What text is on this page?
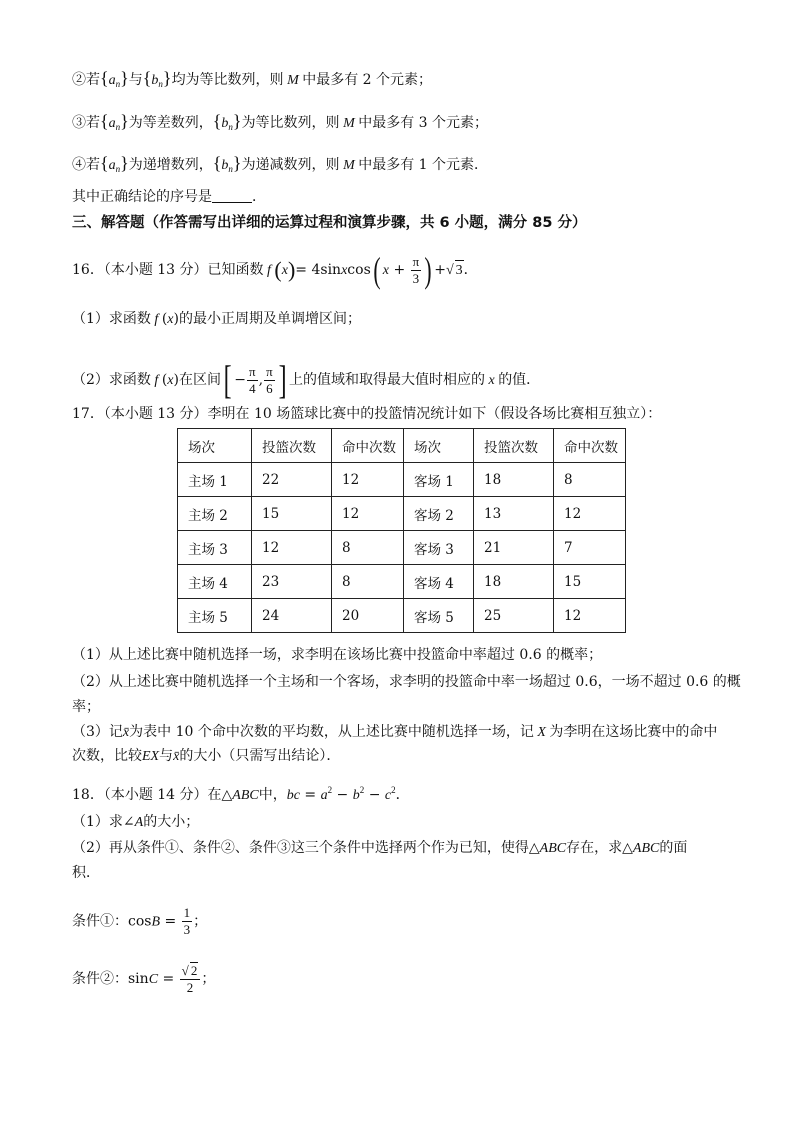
②若$\{a_n\}$与$\{b_n\}$均为等比数列，则 M 中最多有 2 个元素；
③若$\{a_n\}$为等差数列，$\{b_n\}$为等比数列，则 M 中最多有 3 个元素；
④若$\{a_n\}$为递增数列，$\{b_n\}$为递减数列，则 M 中最多有 1 个元素．
其中正确结论的序号是	．
三、解答题（作答需写出详细的运算过程和演算步骤，共 6 小题，满分 85 分）
16．（本小题 13 分）已知函数 f (x)= 4sinxcos( $x + \frac{\pi}{3}$ ) +√ 3．
（1）求函数 f (x)的最小正周期及单调增区间；
（2）求函数 f (x)在区间[ − $\frac{\pi}{4}$ , $\frac{\pi}{6}$ ] 上的值域和取得最大值时相应的 x 的值．
17．（本小题 13 分）李明在 10 场篮球比赛中的投篮情况统计如下（假设各场比赛相互独立）：
场次	投篮次数	命中次数	场次	投篮次数	命中次数
主场 1	22	12	客场 1	18	8
主场 2	15	12	客场 2	13	12
主场 3	12	8	客场 3	21	7
主场 4	23	8	客场 4	18	15
主场 5	24	20	客场 5	25	12
（1）从上述比赛中随机选择一场，求李明在该场比赛中投篮命中率超过 0.6 的概率；
（2）从上述比赛中随机选择一个主场和一个客场，求李明的投篮命中率一场超过 0.6，一场不超过 0.6 的概
率；
（3）记x̄为表中 10 个命中次数的平均数，从上述比赛中随机选择一场，记 X 为李明在这场比赛中的命中
次数，比较EX与x̄的大小（只需写出结论）．
18．（本小题 14 分）在△ABC中，bc = $a^2 - b^2 - c^2$．
（1）求∠A的大小；
（2）再从条件①、条件②、条件③这三个条件中选择两个作为已知，使得△ABC存在，求△ABC的面
积．
条件①：$\cos B = \frac{1}{3}$ ；
条件②：$\sin C = \frac{√ 2}{2}$ ；
